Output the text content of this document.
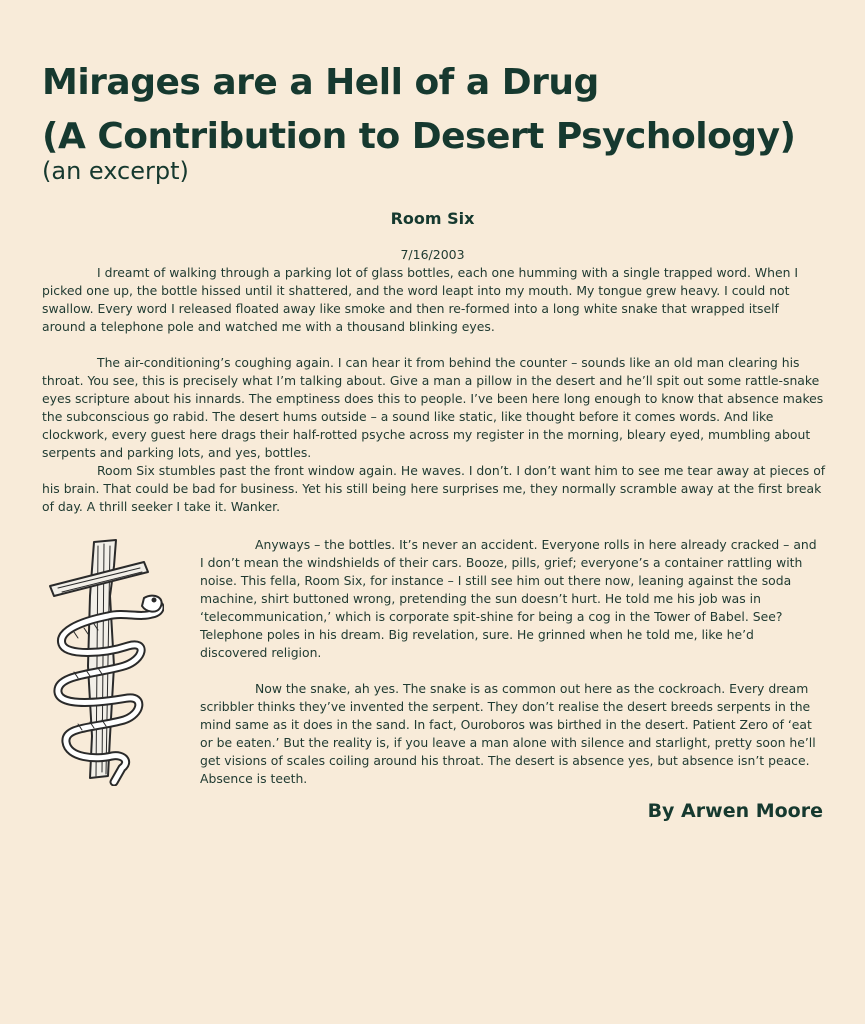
Mirages are a Hell of a Drug
(A Contribution to Desert Psychology)
(an excerpt)
Room Six
7/16/2003

I dreamt of walking through a parking lot of glass bottles, each one humming with a single trapped word. When I picked one up, the bottle hissed until it shattered, and the word leapt into my mouth. My tongue grew heavy. I could not swallow. Every word I released floated away like smoke and then re-formed into a long white snake that wrapped itself around a telephone pole and watched me with a thousand blinking eyes.

The air-conditioning’s coughing again. I can hear it from behind the counter – sounds like an old man clearing his throat. You see, this is precisely what I’m talking about. Give a man a pillow in the desert and he’ll spit out some rattle-snake eyes scripture about his innards. The emptiness does this to people. I’ve been here long enough to know that absence makes the subconscious go rabid. The desert hums outside – a sound like static, like thought before it comes words. And like clockwork, every guest here drags their half-rotted psyche across my register in the morning, bleary eyed, mumbling about serpents and parking lots, and yes, bottles.

Room Six stumbles past the front window again. He waves. I don’t. I don’t want him to see me tear away at pieces of his brain. That could be bad for business. Yet his still being here surprises me, they normally scramble away at the first break of day. A thrill seeker I take it. Wanker.

Anyways – the bottles. It’s never an accident. Everyone rolls in here already cracked – and I don’t mean the windshields of their cars. Booze, pills, grief; everyone’s a container rattling with noise. This fella, Room Six, for instance – I still see him out there now, leaning against the soda machine, shirt buttoned wrong, pretending the sun doesn’t hurt. He told me his job was in ‘telecommunication,’ which is corporate spit-shine for being a cog in the Tower of Babel. See? Telephone poles in his dream. Big revelation, sure. He grinned when he told me, like he’d discovered religion.

Now the snake, ah yes. The snake is as common out here as the cockroach. Every dream scribbler thinks they’ve invented the serpent. They don’t realise the desert breeds serpents in the mind same as it does in the sand. In fact, Ouroboros was birthed in the desert. Patient Zero of ‘eat or be eaten.’ But the reality is, if you leave a man alone with silence and starlight, pretty soon he’ll get visions of scales coiling around his throat. The desert is absence yes, but absence isn’t peace. Absence is teeth.

By Arwen Moore
